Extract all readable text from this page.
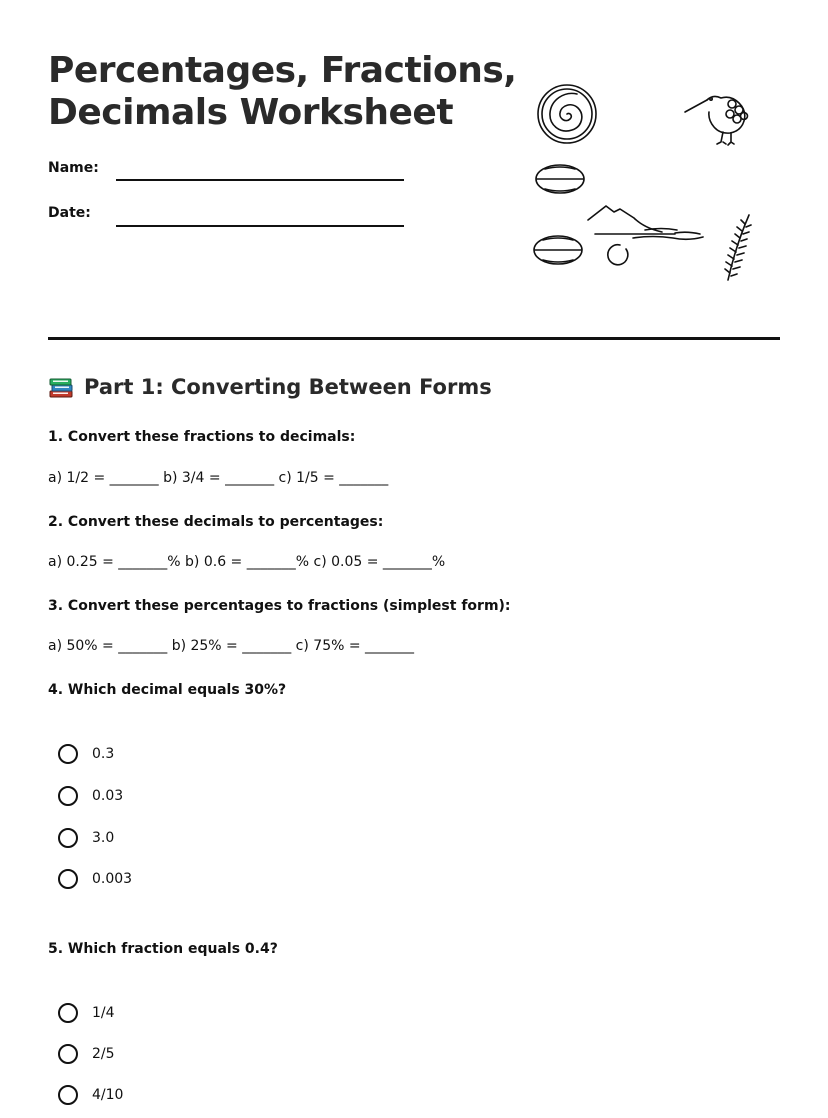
Percentages, Fractions, Decimals Worksheet
Name:
Date:
Part 1: Converting Between Forms
1. Convert these fractions to decimals:
a) 1/2 = _______ b) 3/4 = _______ c) 1/5 = _______
2. Convert these decimals to percentages:
a) 0.25 = _______% b) 0.6 = _______% c) 0.05 = _______%
3. Convert these percentages to fractions (simplest form):
a) 50% = _______ b) 25% = _______ c) 75% = _______
4. Which decimal equals 30%?
0.3
0.03
3.0
0.003
5. Which fraction equals 0.4?
1/4
2/5
4/10
